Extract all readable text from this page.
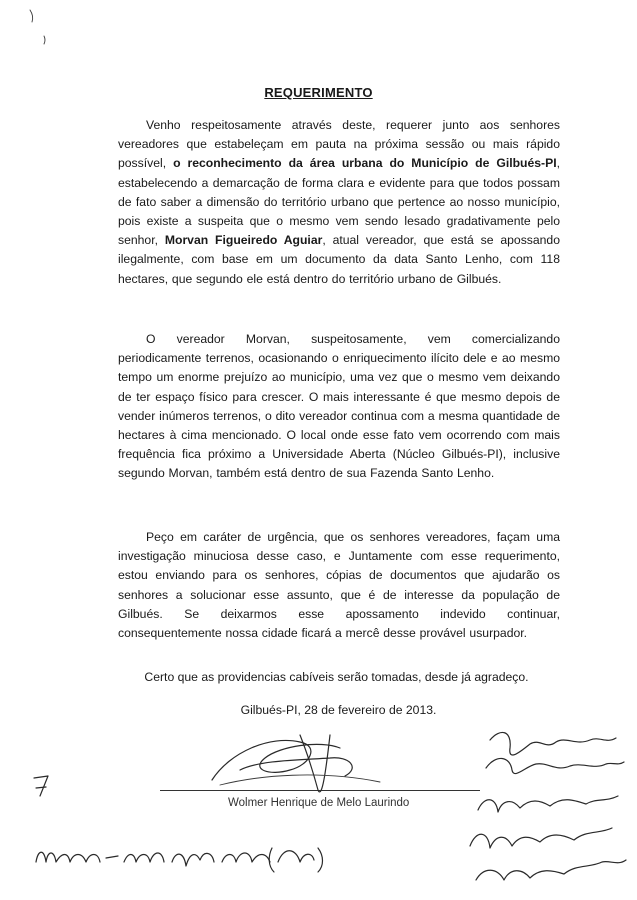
REQUERIMENTO
Venho respeitosamente através deste, requerer junto aos senhores vereadores que estabeleçam em pauta na próxima sessão ou mais rápido possível, o reconhecimento da área urbana do Município de Gilbués-PI, estabelecendo a demarcação de forma clara e evidente para que todos possam de fato saber a dimensão do território urbano que pertence ao nosso município, pois existe a suspeita que o mesmo vem sendo lesado gradativamente pelo senhor, Morvan Figueiredo Aguiar, atual vereador, que está se apossando ilegalmente, com base em um documento da data Santo Lenho, com 118 hectares, que segundo ele está dentro do território urbano de Gilbués.
O vereador Morvan, suspeitosamente, vem comercializando periodicamente terrenos, ocasionando o enriquecimento ilícito dele e ao mesmo tempo um enorme prejuízo ao município, uma vez que o mesmo vem deixando de ter espaço físico para crescer. O mais interessante é que mesmo depois de vender inúmeros terrenos, o dito vereador continua com a mesma quantidade de hectares à cima mencionado. O local onde esse fato vem ocorrendo com mais frequência fica próximo a Universidade Aberta (Núcleo Gilbués-PI), inclusive segundo Morvan, também está dentro de sua Fazenda Santo Lenho.
Peço em caráter de urgência, que os senhores vereadores, façam uma investigação minuciosa desse caso, e Juntamente com esse requerimento, estou enviando para os senhores, cópias de documentos que ajudarão os senhores a solucionar esse assunto, que é de interesse da população de Gilbués. Se deixarmos esse apossamento indevido continuar, consequentemente nossa cidade ficará a mercê desse provável usurpador.
Certo que as providencias cabíveis serão tomadas, desde já agradeço.
Gilbués-PI, 28 de fevereiro de 2013.
Wolmer Henrique de Melo Laurindo
